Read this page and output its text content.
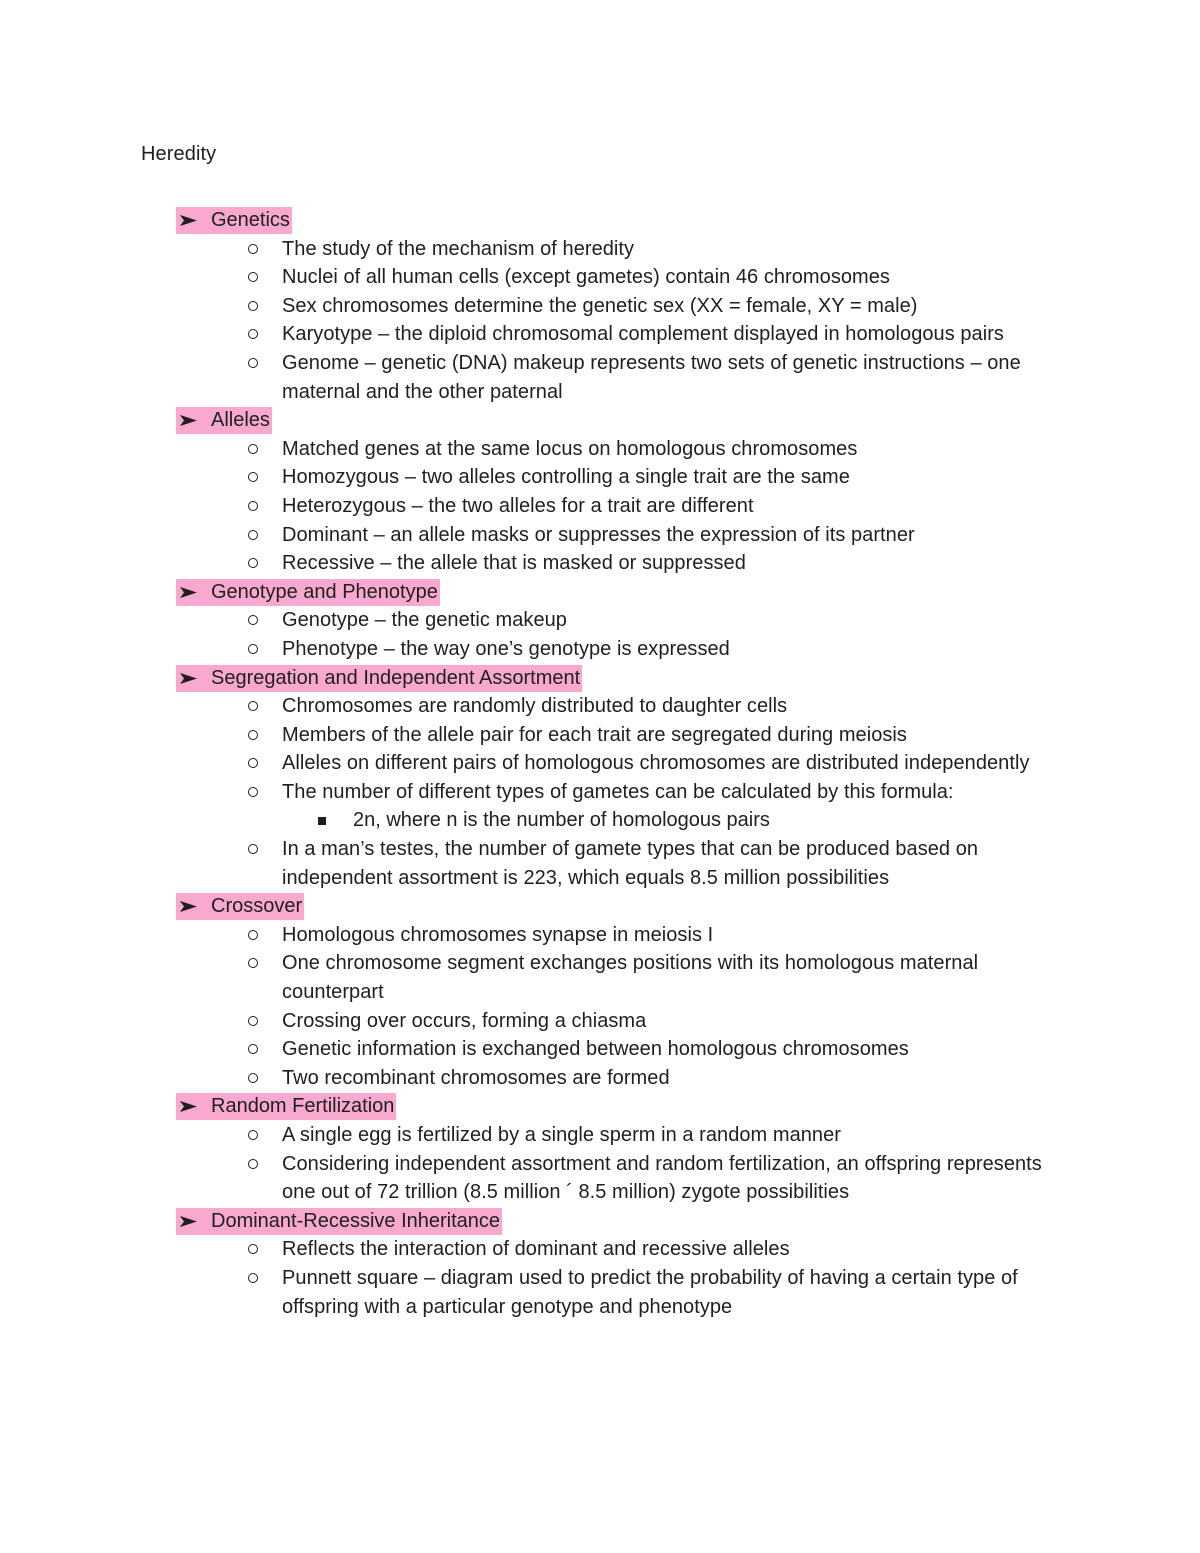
Heredity
Genetics
The study of the mechanism of heredity
Nuclei of all human cells (except gametes) contain 46 chromosomes
Sex chromosomes determine the genetic sex (XX = female, XY = male)
Karyotype – the diploid chromosomal complement displayed in homologous pairs
Genome – genetic (DNA) makeup represents two sets of genetic instructions – one maternal and the other paternal
Alleles
Matched genes at the same locus on homologous chromosomes
Homozygous – two alleles controlling a single trait are the same
Heterozygous – the two alleles for a trait are different
Dominant – an allele masks or suppresses the expression of its partner
Recessive – the allele that is masked or suppressed
Genotype and Phenotype
Genotype – the genetic makeup
Phenotype – the way one’s genotype is expressed
Segregation and Independent Assortment
Chromosomes are randomly distributed to daughter cells
Members of the allele pair for each trait are segregated during meiosis
Alleles on different pairs of homologous chromosomes are distributed independently
The number of different types of gametes can be calculated by this formula:
2n, where n is the number of homologous pairs
In a man’s testes, the number of gamete types that can be produced based on independent assortment is 223, which equals 8.5 million possibilities
Crossover
Homologous chromosomes synapse in meiosis I
One chromosome segment exchanges positions with its homologous maternal counterpart
Crossing over occurs, forming a chiasma
Genetic information is exchanged between homologous chromosomes
Two recombinant chromosomes are formed
Random Fertilization
A single egg is fertilized by a single sperm in a random manner
Considering independent assortment and random fertilization, an offspring represents one out of 72 trillion (8.5 million ´ 8.5 million) zygote possibilities
Dominant-Recessive Inheritance
Reflects the interaction of dominant and recessive alleles
Punnett square – diagram used to predict the probability of having a certain type of offspring with a particular genotype and phenotype
